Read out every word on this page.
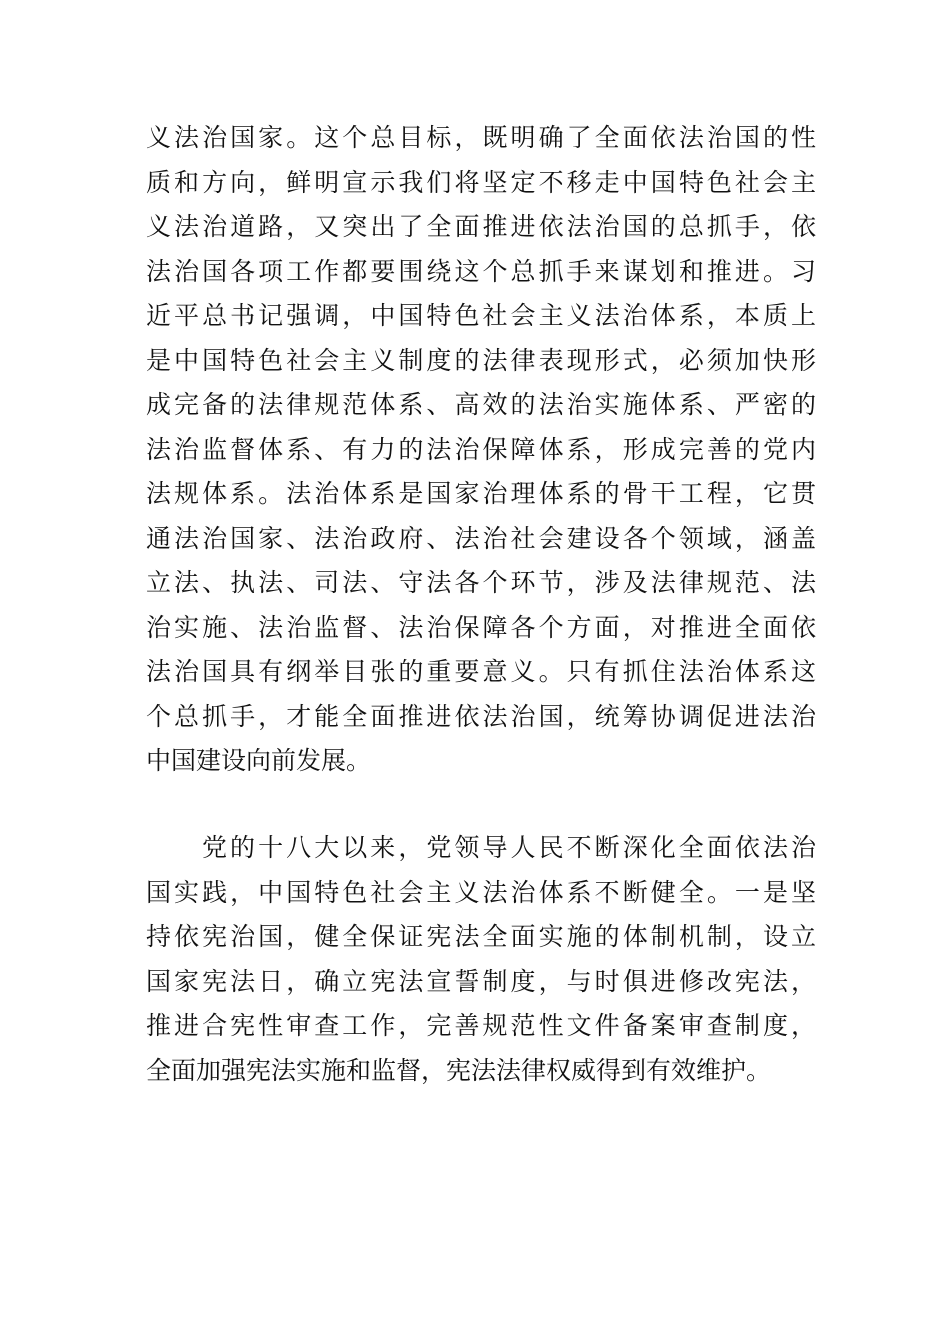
义法治国家。这个总目标，既明确了全面依法治国的性
质和方向，鲜明宣示我们将坚定不移走中国特色社会主
义法治道路，又突出了全面推进依法治国的总抓手，依
法治国各项工作都要围绕这个总抓手来谋划和推进。习
近平总书记强调，中国特色社会主义法治体系，本质上
是中国特色社会主义制度的法律表现形式，必须加快形
成完备的法律规范体系、高效的法治实施体系、严密的
法治监督体系、有力的法治保障体系，形成完善的党内
法规体系。法治体系是国家治理体系的骨干工程，它贯
通法治国家、法治政府、法治社会建设各个领域，涵盖
立法、执法、司法、守法各个环节，涉及法律规范、法
治实施、法治监督、法治保障各个方面，对推进全面依
法治国具有纲举目张的重要意义。只有抓住法治体系这
个总抓手，才能全面推进依法治国，统筹协调促进法治
中国建设向前发展。
党的十八大以来，党领导人民不断深化全面依法治
国实践，中国特色社会主义法治体系不断健全。一是坚
持依宪治国，健全保证宪法全面实施的体制机制，设立
国家宪法日，确立宪法宣誓制度，与时俱进修改宪法，
推进合宪性审查工作，完善规范性文件备案审查制度，
全面加强宪法实施和监督，宪法法律权威得到有效维护。
